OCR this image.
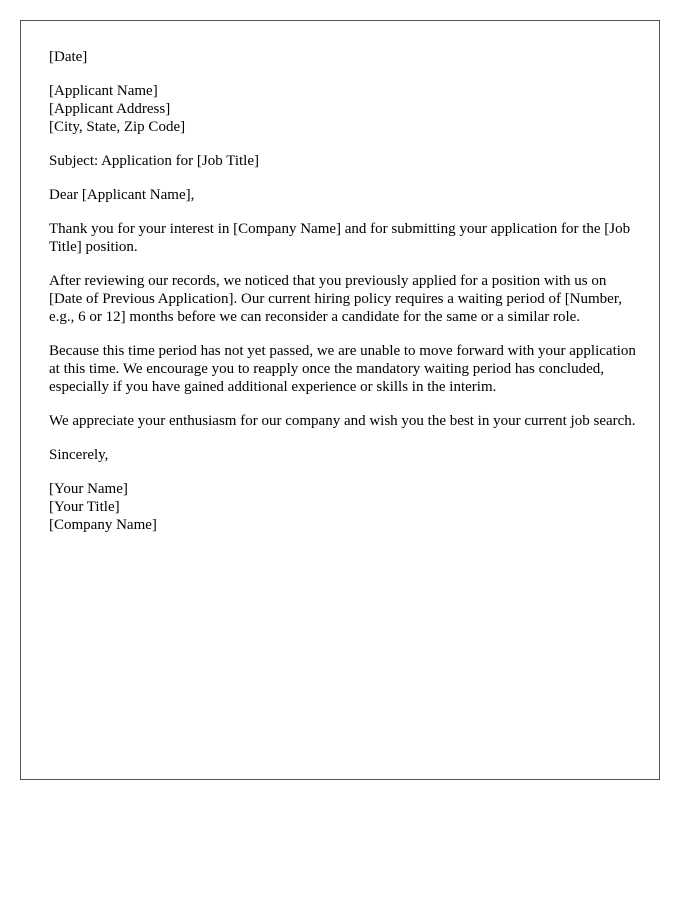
[Date]
[Applicant Name]
[Applicant Address]
[City, State, Zip Code]
Subject: Application for [Job Title]
Dear [Applicant Name],
Thank you for your interest in [Company Name] and for submitting your application for the [Job Title] position.
After reviewing our records, we noticed that you previously applied for a position with us on [Date of Previous Application]. Our current hiring policy requires a waiting period of [Number, e.g., 6 or 12] months before we can reconsider a candidate for the same or a similar role.
Because this time period has not yet passed, we are unable to move forward with your application at this time. We encourage you to reapply once the mandatory waiting period has concluded, especially if you have gained additional experience or skills in the interim.
We appreciate your enthusiasm for our company and wish you the best in your current job search.
Sincerely,
[Your Name]
[Your Title]
[Company Name]
